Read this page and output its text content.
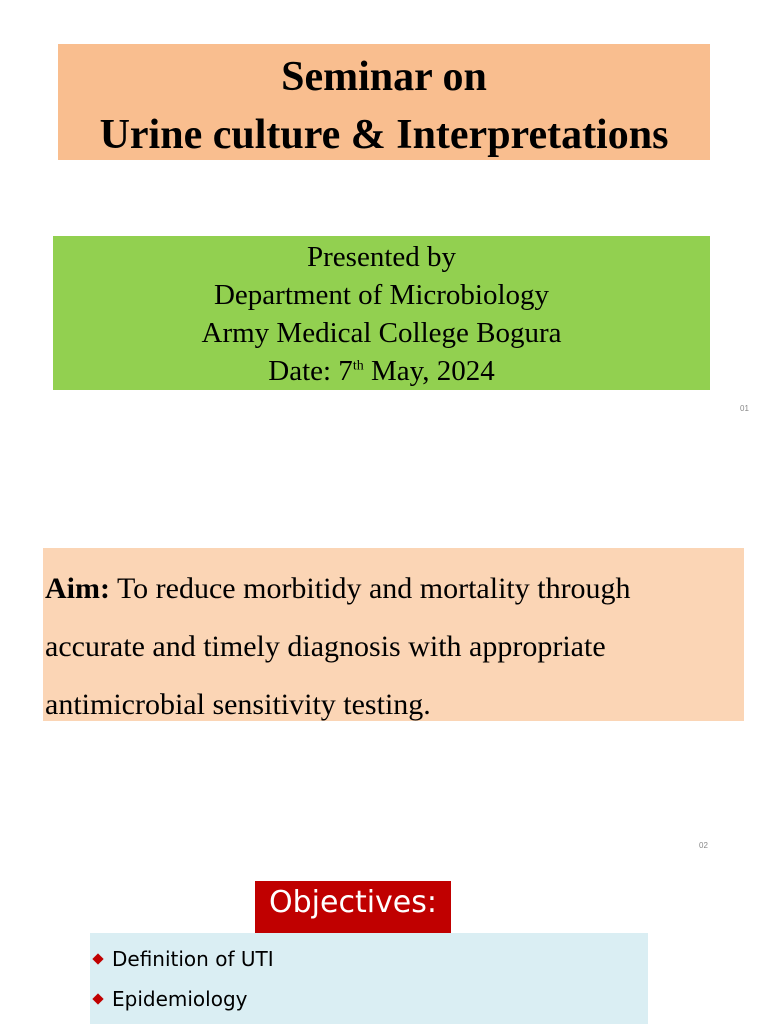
Seminar on
Urine culture & Interpretations
Presented by
Department of Microbiology
Army Medical College Bogura
Date: 7th May, 2024
01
Aim: To reduce morbitidy and mortality through
accurate and timely diagnosis with appropriate
antimicrobial sensitivity testing.
02
Objectives:
Definition of UTI
Epidemiology
